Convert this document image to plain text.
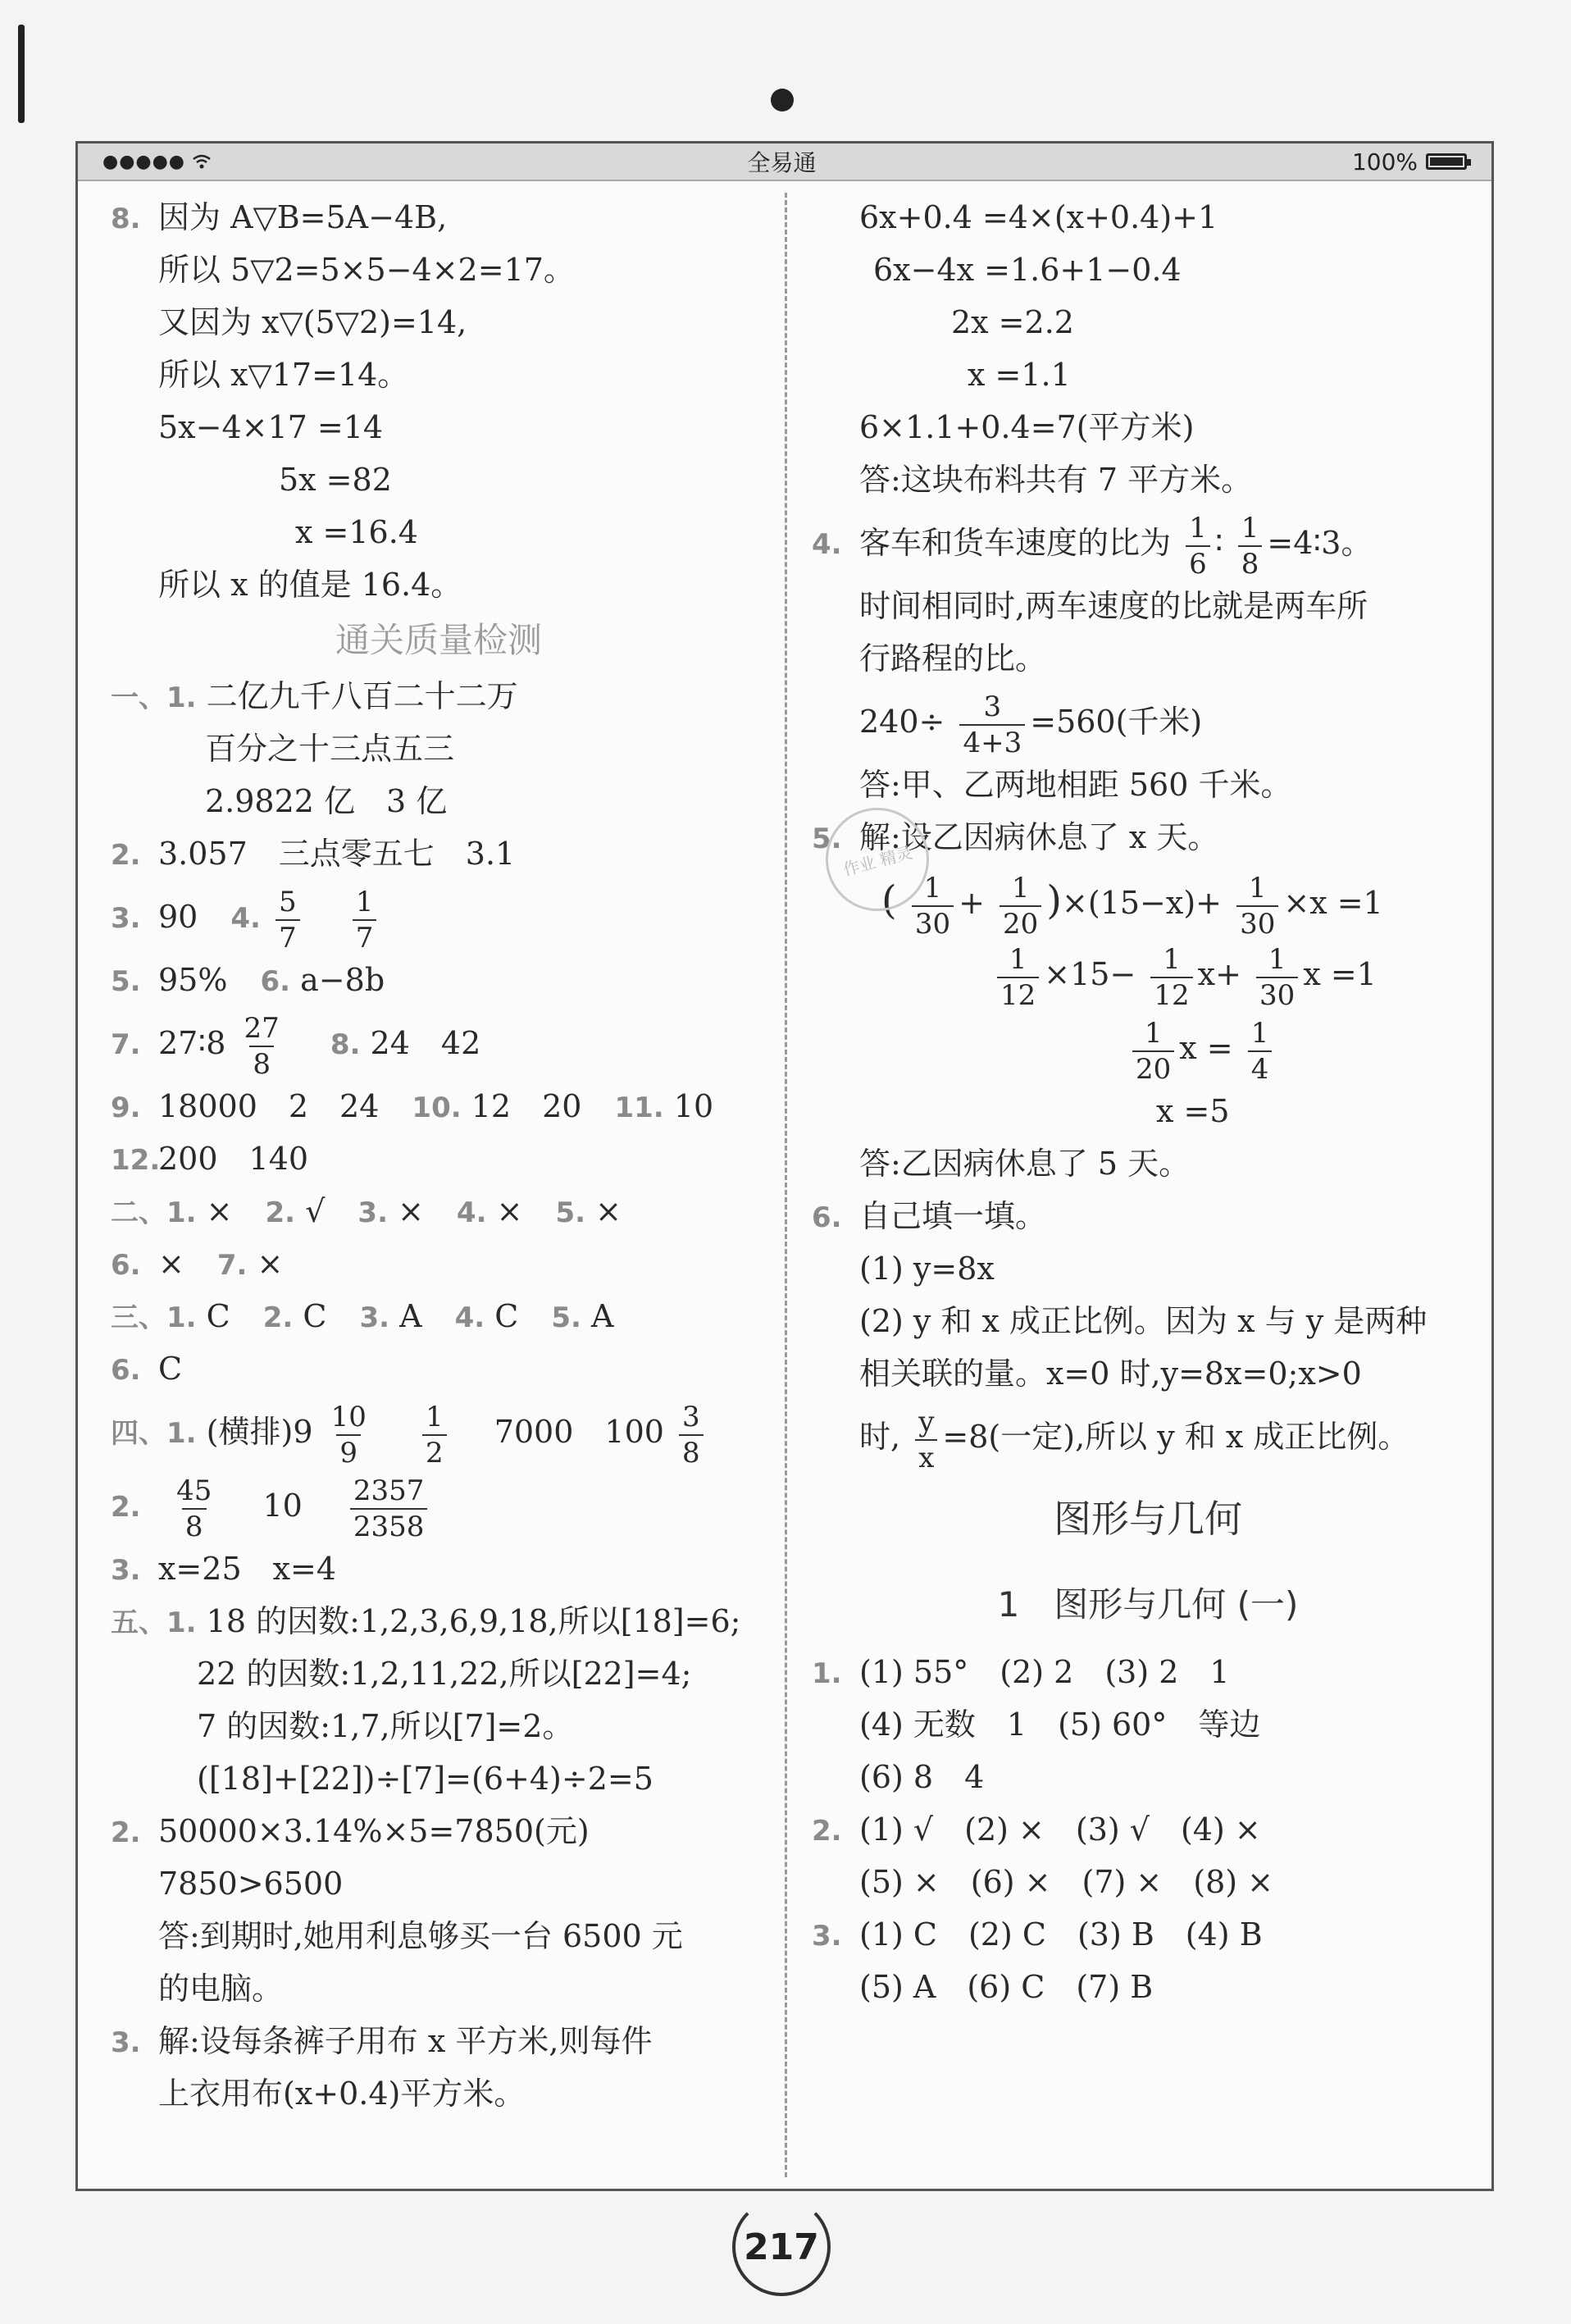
●●●●●	全易通	100%
8. 因为 A▽B=5A−4B,
所以 5▽2=5×5−4×2=17。
又因为 x▽(5▽2)=14,
所以 x▽17=14。
5x−4×17 =14
5x =82
x =16.4
所以 x 的值是 16.4。
通关质量检测
一、1. 二亿九千八百二十二万
百分之十三点五三
2.9822 亿　3 亿
2. 3.057　三点零五七　3.1
3. 90 4. $\frac{5}{7}$
$\frac{1}{7}$
5. 95% 6. a−8b
7. 27∶8 $\frac{27}{8} 8$. 24　42
9. 18000　2　24 10. 12　20 11. 10
12.200　140
二、1. × 2. √ 3. × 4. × 5. ×
6. × 7. ×
三、1. C 2. C 3. A 4. C 5. A
6. C
四、1. (横排)$9 \frac{10}{9}$
$\frac{1}{2} 7000$　$100 \frac{3}{8}$
2. $\frac{45}{8} 10 \frac{2357}{2358}$
3. x=25　x=4
五、1. 18 的因数:1,2,3,6,9,18,所以[18]=6;
22 的因数:1,2,11,22,所以[22]=4;
7 的因数:1,7,所以[7]=2。
([18]+[22])÷[7]=(6+4)÷2=5
2. 50000×3.14%×5=7850(元)
7850>6500
答:到期时,她用利息够买一台 6500 元
的电脑。
3. 解:设每条裤子用布 x 平方米,则每件
上衣用布(x+0.4)平方米。
6x+0.4 =4×(x+0.4)+1
6x−4x =1.6+1−0.4
2x =2.2
x =1.1
6×1.1+0.4=7(平方米)
答:这块布料共有 7 平方米。
4. 客车和货车速度的比为 $\frac{1}{6}$ ∶ $\frac{1}{8}$ =4∶3。
时间相同时,两车速度的比就是两车所
行路程的比。
$240\div \frac{3}{4+3} =560$(千米)
答:甲、乙两地相距 560 千米。
5. 解:设乙因病休息了 x 天。
( $\frac{1}{30} + \frac{1}{20} )\times(15-x)+ \frac{1}{30} \times x =1$
$\frac{1}{12} \times 15- \frac{1}{12} x+ \frac{1}{30}$ x =1
$\frac{1}{20}$ $x = \frac{1}{4}$
x =5
答:乙因病休息了 5 天。
6. 自己填一填。
(1) y=8x
(2) y 和 x 成正比例。因为 x 与 y 是两种
相关联的量。x=0 时,y=8x=0;x>0
时, $\frac{y}{x} =8$(一定),所以 y 和 x 成正比例。
图形与几何
1　图形与几何 (一)
1. (1) 55°　(2) 2　(3) 2　1
(4) 无数　1　(5) 60°　等边
(6) 8　4
2. (1) √　(2) ×　(3) √　(4) ×
(5) ×　(6) ×　(7) ×　(8) ×
3. (1) C　(2) C　(3) B　(4) B
(5) A　(6) C　(7) B
作业 精灵
217
